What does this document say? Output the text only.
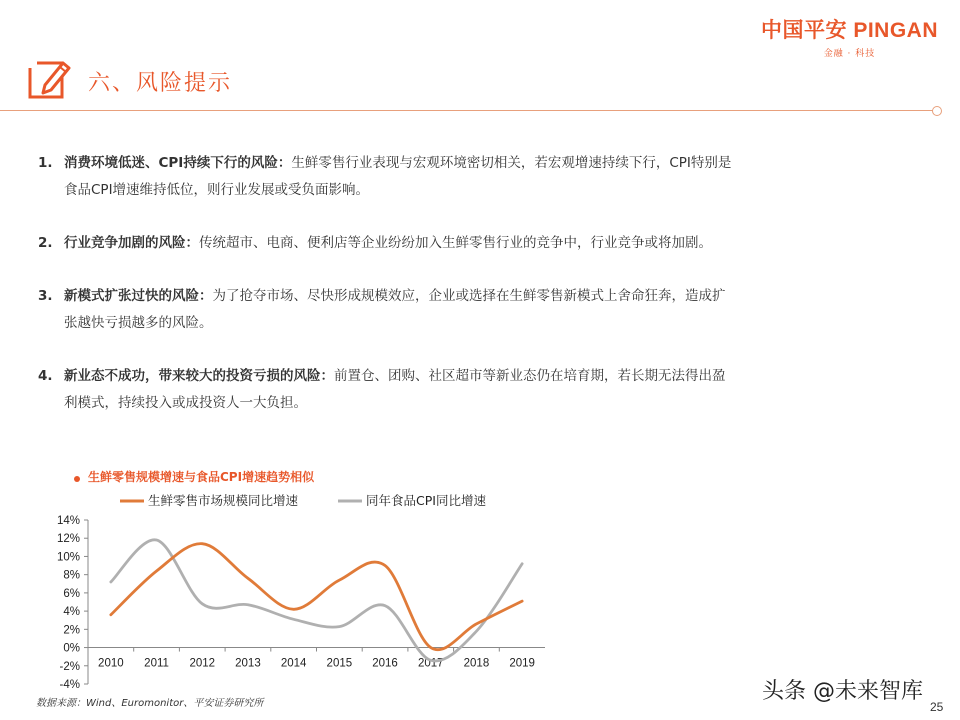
中国平安 PINGAN
金融 · 科技
六、风险提示
1. 消费环境低迷、CPI持续下行的风险：生鲜零售行业表现与宏观环境密切相关，若宏观增速持续下行，CPI特别是食品CPI增速维持低位，则行业发展或受负面影响。
2. 行业竞争加剧的风险：传统超市、电商、便利店等企业纷纷加入生鲜零售行业的竞争中，行业竞争或将加剧。
3. 新模式扩张过快的风险：为了抢夺市场、尽快形成规模效应，企业或选择在生鲜零售新模式上舍命狂奔，造成扩张越快亏损越多的风险。
4. 新业态不成功，带来较大的投资亏损的风险：前置仓、团购、社区超市等新业态仍在培育期，若长期无法得出盈利模式，持续投入或成投资人一大负担。
生鲜零售规模增速与食品CPI增速趋势相似
生鲜零售市场规模同比增速	同年食品CPI同比增速
14%
12%
10%
8%
6%
4%
2%
0%
-2%
-4%
2010 2011 2012 2013 2014 2015 2016 2017 2018 2019
数据来源：Wind、Euromonitor、平安证券研究所	头条 @未来智库
25
